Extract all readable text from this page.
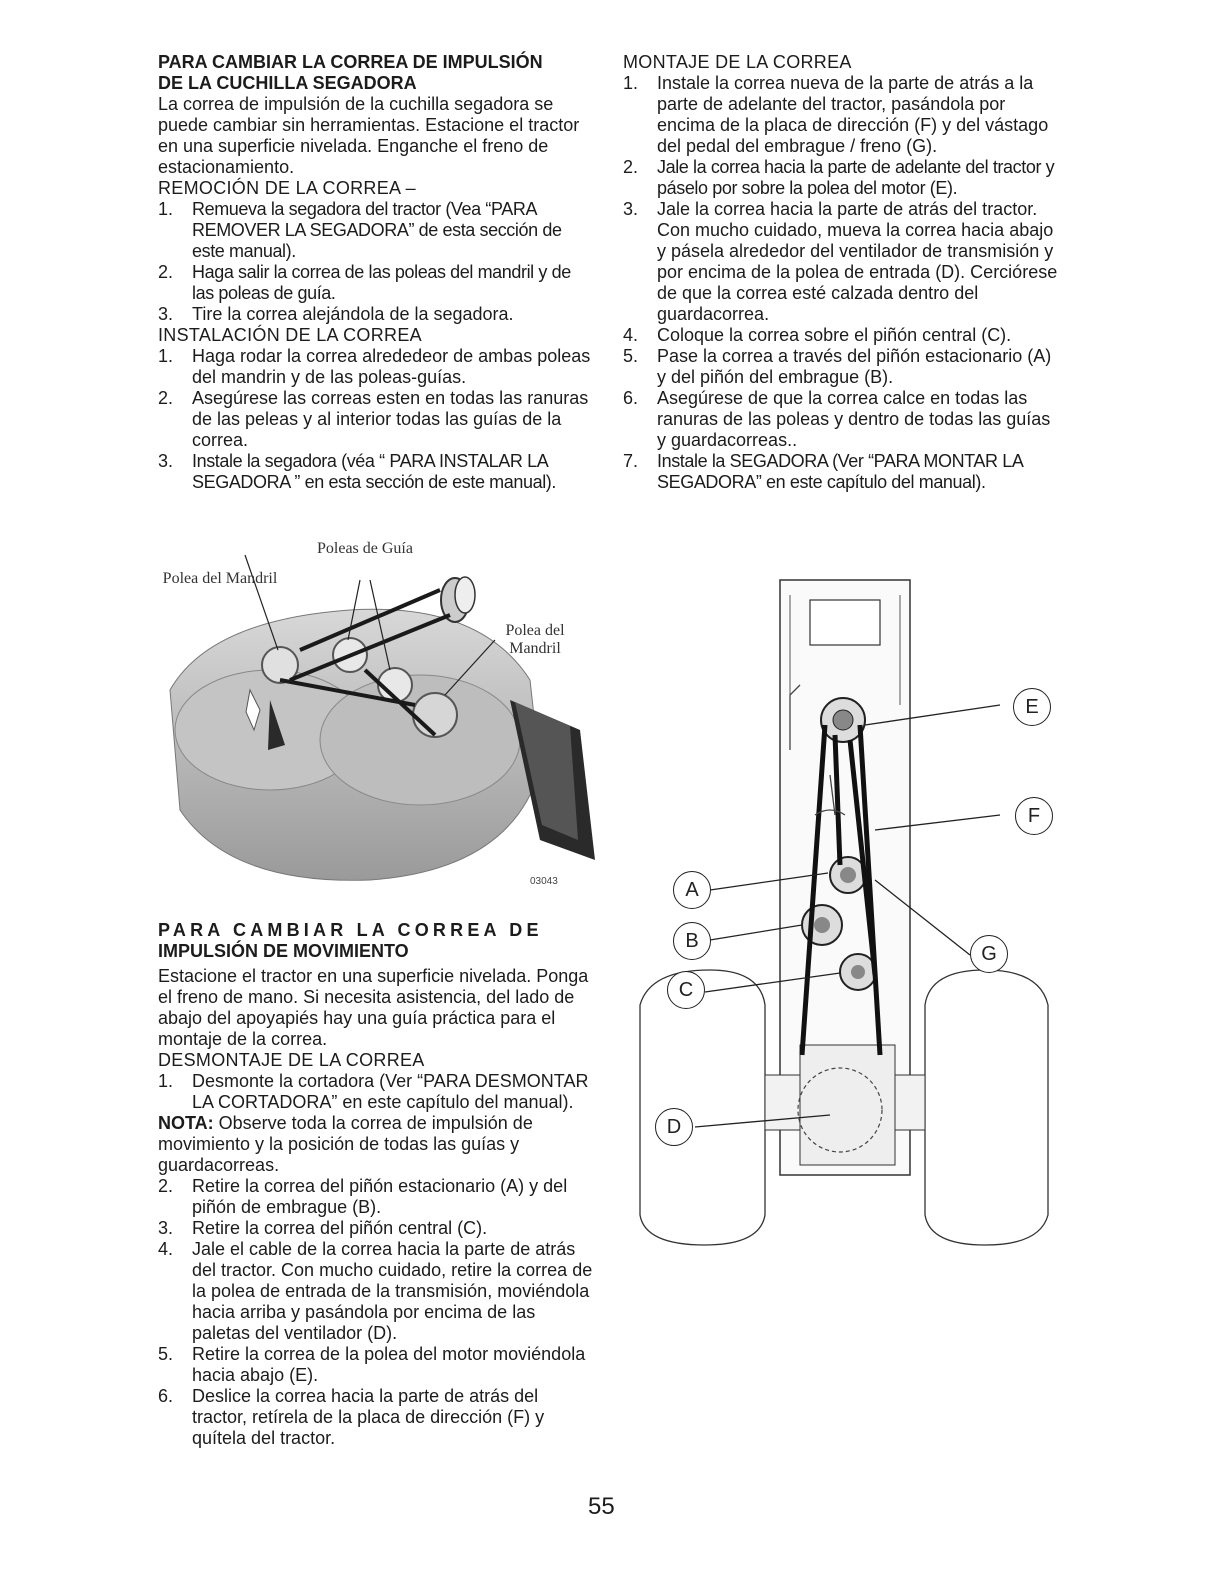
PARA CAMBIAR LA CORREA DE IMPULSIÓN
DE LA CUCHILLA SEGADORA

La correa de impulsión de la cuchilla segadora se puede cambiar sin herramientas. Estacione el tractor en una superficie nivelada. Enganche el freno de estacionamiento.

REMOCIÓN DE LA CORREA –

1. Remueva la segadora del tractor (Vea “PARA REMOVER LA SEGADORA” de esta sección de este manual).
2. Haga salir la correa de las poleas del mandril y de las poleas de guía.
3. Tire la correa alejándola de la segadora.

INSTALACIÓN DE LA CORREA

1. Haga rodar la correa alrededeor de ambas poleas del mandrin y de las poleas-guías.
2. Asegúrese las correas esten en todas las ranuras de las peleas y al interior todas las guías de la correa.
3. Instale la segadora (véa “ PARA INSTALAR LA SEGADORA ” en esta sección de este manual).
Poleas de Guía
Polea del Mandril
Polea del Mandril
03043
PARA CAMBIAR LA CORREA DE
IMPULSIÓN DE MOVIMIENTO

Estacione el tractor en una superficie nivelada. Ponga el freno de mano. Si necesita asistencia, del lado de abajo del apoyapiés hay una guía práctica para el montaje de la correa.

DESMONTAJE DE LA CORREA

1. Desmonte la cortadora (Ver “PARA DESMONTAR LA CORTADORA” en este capítulo del manual).

NOTA: Observe toda la correa de impulsión de movimiento y la posición de todas las guías y guardacorreas.

2. Retire la correa del piñón estacionario (A) y del piñón de embrague (B).
3. Retire la correa del piñón central (C).
4. Jale el cable de la correa hacia la parte de atrás del tractor. Con mucho cuidado, retire la correa de la polea de entrada de la transmisión, moviéndola hacia arriba y pasándola por encima de las paletas del ventilador (D).
5. Retire la correa de la polea del motor moviéndola hacia abajo (E).
6. Deslice la correa hacia la parte de atrás del tractor, retírela de la placa de dirección (F) y quítela del tractor.

MONTAJE DE LA CORREA

1. Instale la correa nueva de la parte de atrás a la parte de adelante del tractor, pasándola por encima de la placa de dirección (F) y del vástago del pedal del embrague / freno (G).
2. Jale la correa hacia la parte de adelante del tractor y páselo por sobre la polea del motor (E).
3. Jale la correa hacia la parte de atrás del tractor. Con mucho cuidado, mueva la correa hacia abajo y pásela alrededor del ventilador de transmisión y por encima de la polea de entrada (D). Cerciórese de que la correa esté calzada dentro del guardacorrea.
4. Coloque la correa sobre el piñón central (C).
5. Pase la correa a través del piñón estacionario (A) y del piñón del embrague (B).
6. Asegúrese de que la correa calce en todas las ranuras de las poleas y dentro de todas las guías y guardacorreas..
7. Instale la SEGADORA (Ver “PARA MONTAR LA SEGADORA” en este capítulo del manual).
E
F
A
G
B
C
D
55
